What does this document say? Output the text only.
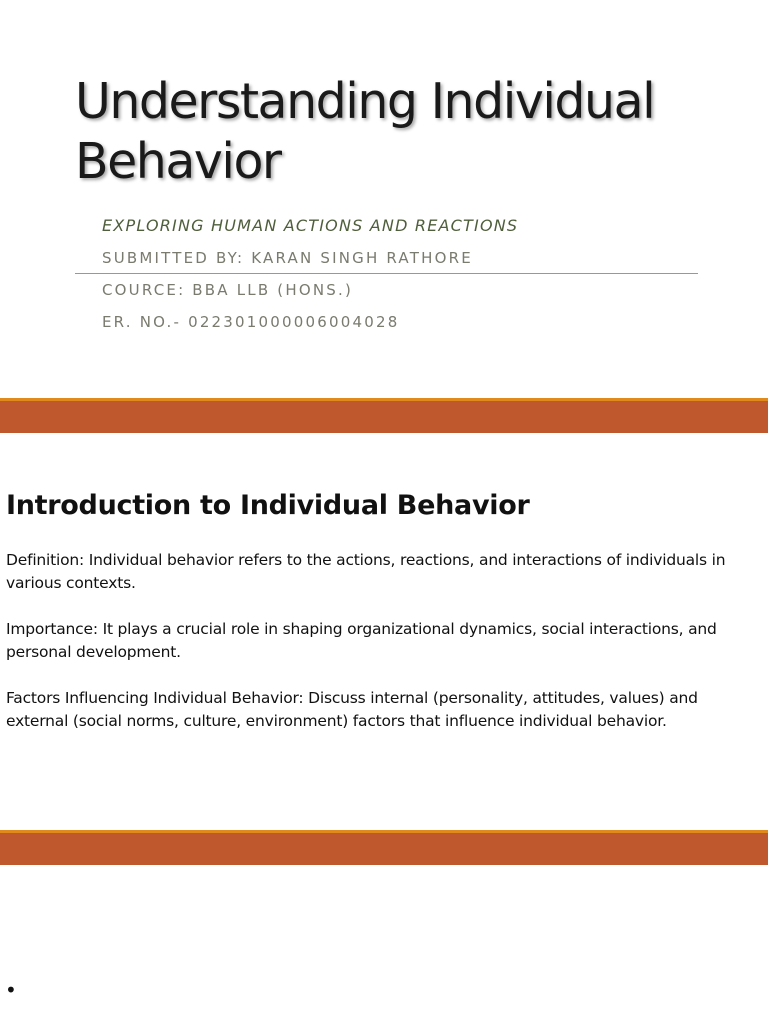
Understanding Individual Behavior

EXPLORING HUMAN ACTIONS AND REACTIONS

SUBMITTED BY: KARAN SINGH RATHORE

COURCE: BBA LLB (HONS.)

ER. NO.- 022301000006004028

Introduction to Individual Behavior

Definition: Individual behavior refers to the actions, reactions, and interactions of individuals in various contexts.

Importance: It plays a crucial role in shaping organizational dynamics, social interactions, and personal development.

Factors Influencing Individual Behavior: Discuss internal (personality, attitudes, values) and external (social norms, culture, environment) factors that influence individual behavior.

•
